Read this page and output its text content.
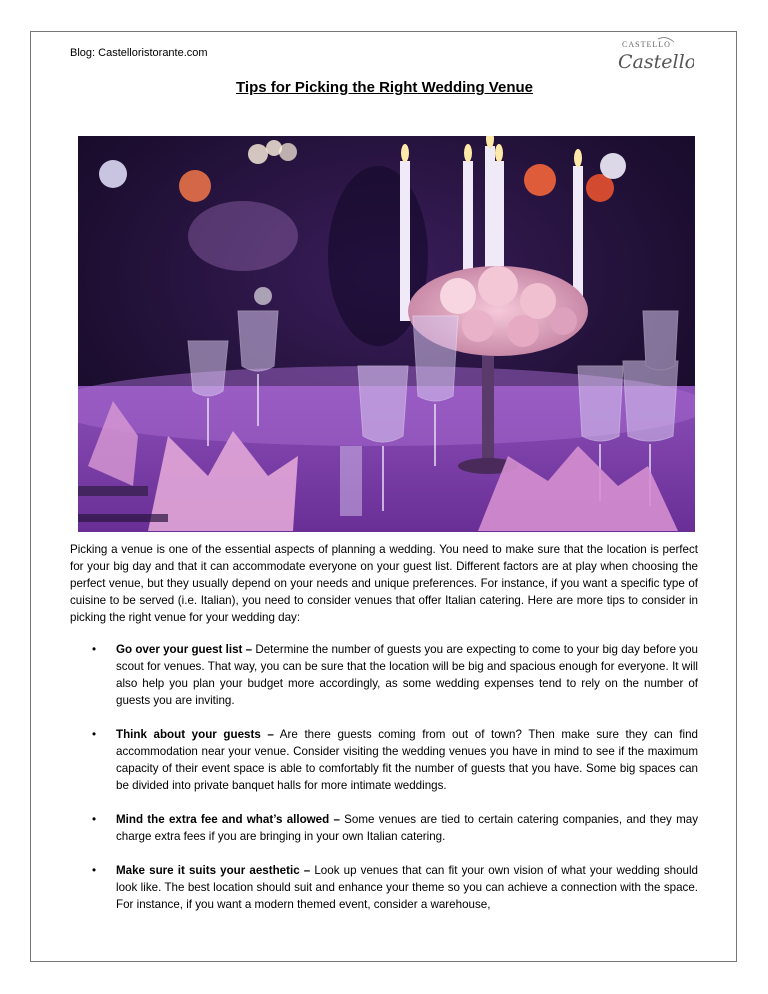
Blog: Castelloristorante.com
CASTELLO
Castello
Tips for Picking the Right Wedding Venue
Picking a venue is one of the essential aspects of planning a wedding. You need to make sure that the location is perfect for your big day and that it can accommodate everyone on your guest list. Different factors are at play when choosing the perfect venue, but they usually depend on your needs and unique preferences. For instance, if you want a specific type of cuisine to be served (i.e. Italian), you need to consider venues that offer Italian catering. Here are more tips to consider in picking the right venue for your wedding day:
• Go over your guest list – Determine the number of guests you are expecting to come to your big day before you scout for venues. That way, you can be sure that the location will be big and spacious enough for everyone. It will also help you plan your budget more accordingly, as some wedding expenses tend to rely on the number of guests you are inviting.
• Think about your guests – Are there guests coming from out of town? Then make sure they can find accommodation near your venue. Consider visiting the wedding venues you have in mind to see if the maximum capacity of their event space is able to comfortably fit the number of guests that you have. Some big spaces can be divided into private banquet halls for more intimate weddings.
• Mind the extra fee and what’s allowed – Some venues are tied to certain catering companies, and they may charge extra fees if you are bringing in your own Italian catering.
• Make sure it suits your aesthetic – Look up venues that can fit your own vision of what your wedding should look like. The best location should suit and enhance your theme so you can achieve a connection with the space. For instance, if you want a modern themed event, consider a warehouse,
